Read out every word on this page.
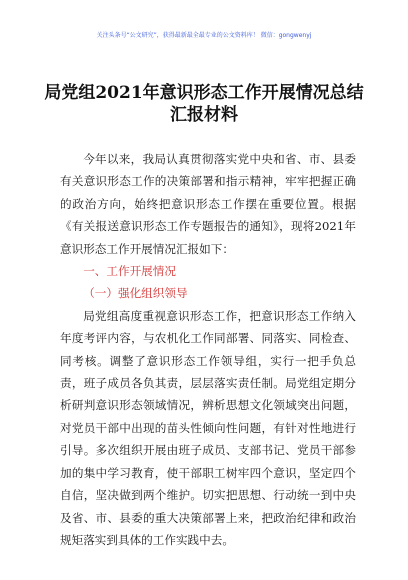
关注头条号“公文研究”，获得最新最全最专业的公文资料库！ 微信：gongwenyj
局党组2021年意识形态工作开展情况总结汇报材料

今年以来，我局认真贯彻落实党中央和省、市、县委有关意识形态工作的决策部署和指示精神，牢牢把握正确的政治方向，始终把意识形态工作摆在重要位置。根据《有关报送意识形态工作专题报告的通知》，现将2021年意识形态工作开展情况汇报如下：

一、工作开展情况
（一）强化组织领导

局党组高度重视意识形态工作，把意识形态工作纳入年度考评内容，与农机化工作同部署、同落实、同检查、同考核。调整了意识形态工作领导组，实行一把手负总责，班子成员各负其责，层层落实责任制。局党组定期分析研判意识形态领域情况，辨析思想文化领域突出问题，对党员干部中出现的苗头性倾向性问题，有针对性地进行引导。多次组织开展由班子成员、支部书记、党员干部参加的集中学习教育，使干部职工树牢四个意识，坚定四个自信，坚决做到两个维护。切实把思想、行动统一到中央及省、市、县委的重大决策部署上来，把政治纪律和政治规矩落实到具体的工作实践中去。
